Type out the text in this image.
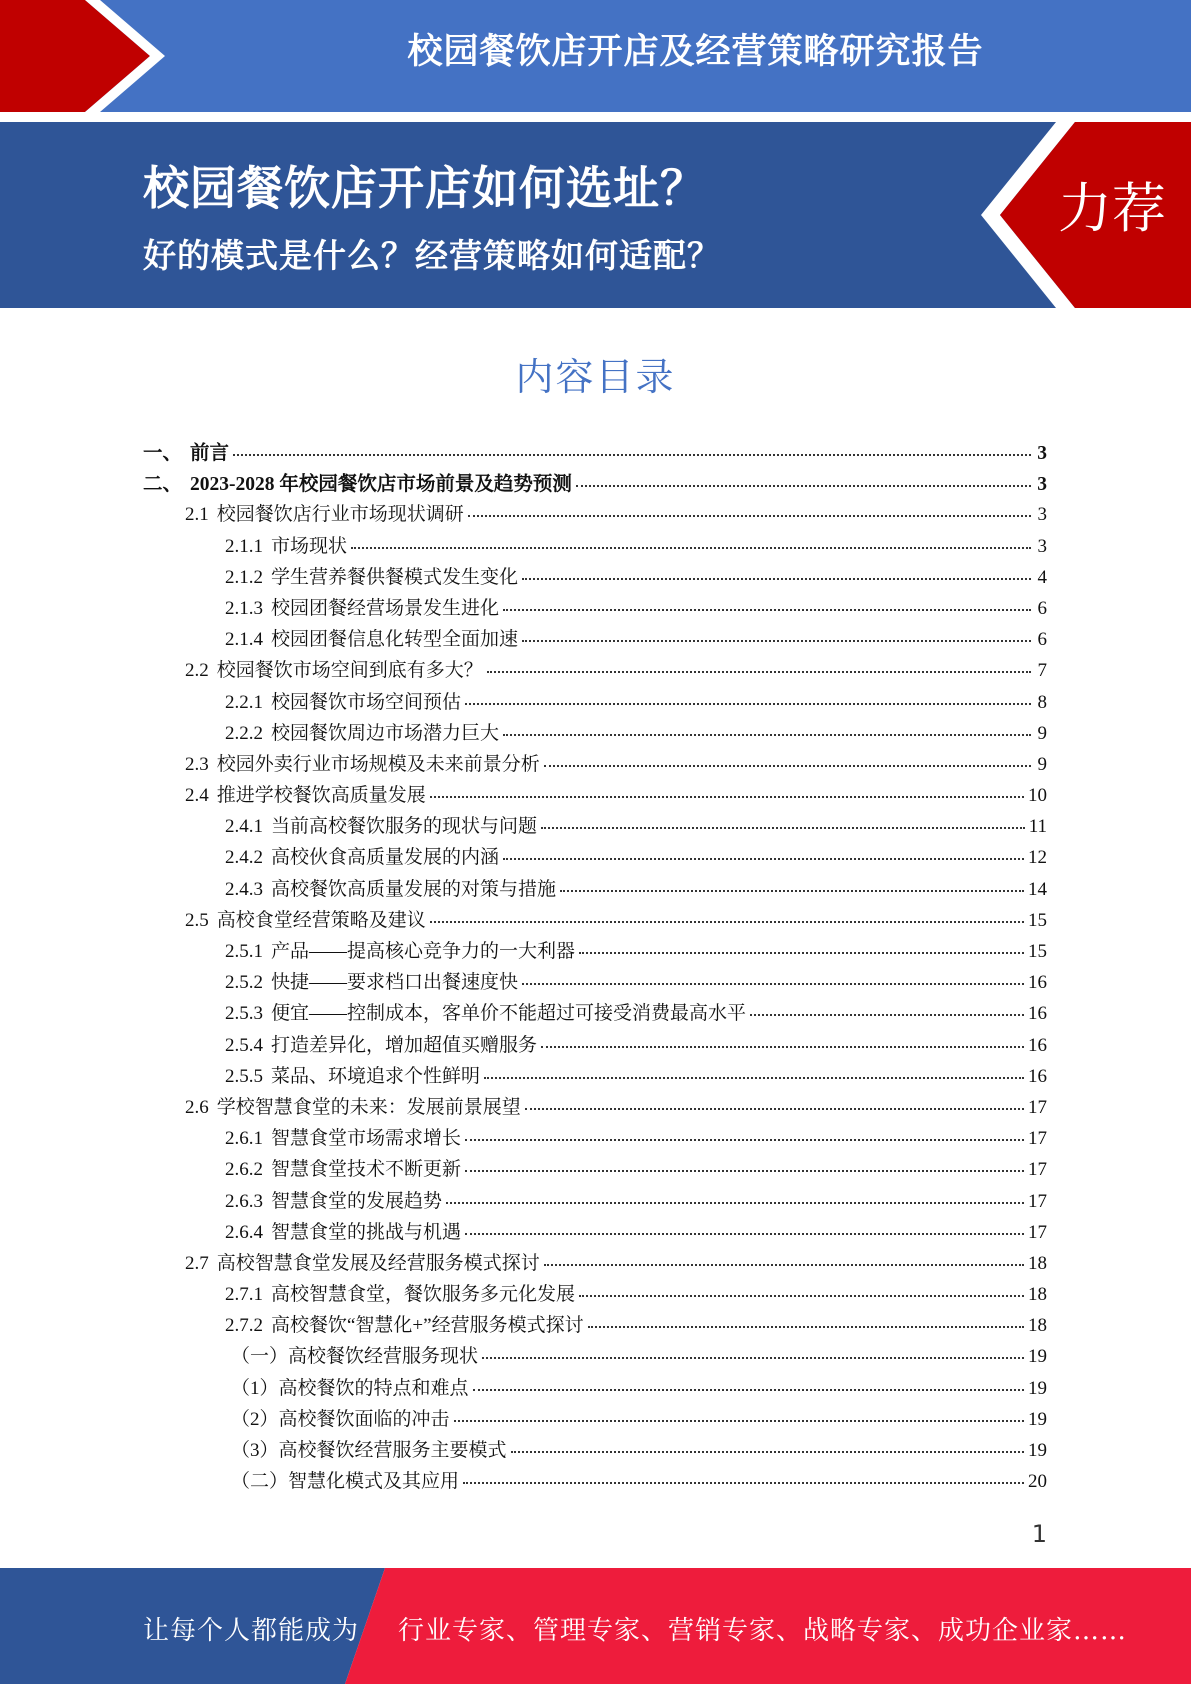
校园餐饮店开店及经营策略研究报告
校园餐饮店开店如何选址？
好的模式是什么？经营策略如何适配？
力荐
内容目录
一、 前言	3
二、 2023-2028 年校园餐饮店市场前景及趋势预测	3
2.1 校园餐饮店行业市场现状调研	3
2.1.1 市场现状	3
2.1.2 学生营养餐供餐模式发生变化	4
2.1.3 校园团餐经营场景发生进化	6
2.1.4 校园团餐信息化转型全面加速	6
2.2 校园餐饮市场空间到底有多大？	7
2.2.1 校园餐饮市场空间预估	8
2.2.2 校园餐饮周边市场潜力巨大	9
2.3 校园外卖行业市场规模及未来前景分析	9
2.4 推进学校餐饮高质量发展	10
2.4.1 当前高校餐饮服务的现状与问题	11
2.4.2 高校伙食高质量发展的内涵	12
2.4.3 高校餐饮高质量发展的对策与措施	14
2.5 高校食堂经营策略及建议	15
2.5.1 产品——提高核心竞争力的一大利器	15
2.5.2 快捷——要求档口出餐速度快	16
2.5.3 便宜——控制成本，客单价不能超过可接受消费最高水平	16
2.5.4 打造差异化，增加超值买赠服务	16
2.5.5 菜品、环境追求个性鲜明	16
2.6 学校智慧食堂的未来：发展前景展望	17
2.6.1 智慧食堂市场需求增长	17
2.6.2 智慧食堂技术不断更新	17
2.6.3 智慧食堂的发展趋势	17
2.6.4 智慧食堂的挑战与机遇	17
2.7 高校智慧食堂发展及经营服务模式探讨	18
2.7.1 高校智慧食堂，餐饮服务多元化发展	18
2.7.2 高校餐饮“智慧化+”经营服务模式探讨	18
（一）高校餐饮经营服务现状	19
（1）高校餐饮的特点和难点	19
（2）高校餐饮面临的冲击	19
（3）高校餐饮经营服务主要模式	19
（二）智慧化模式及其应用	20
1
让每个人都能成为 行业专家、管理专家、营销专家、战略专家、成功企业家……
